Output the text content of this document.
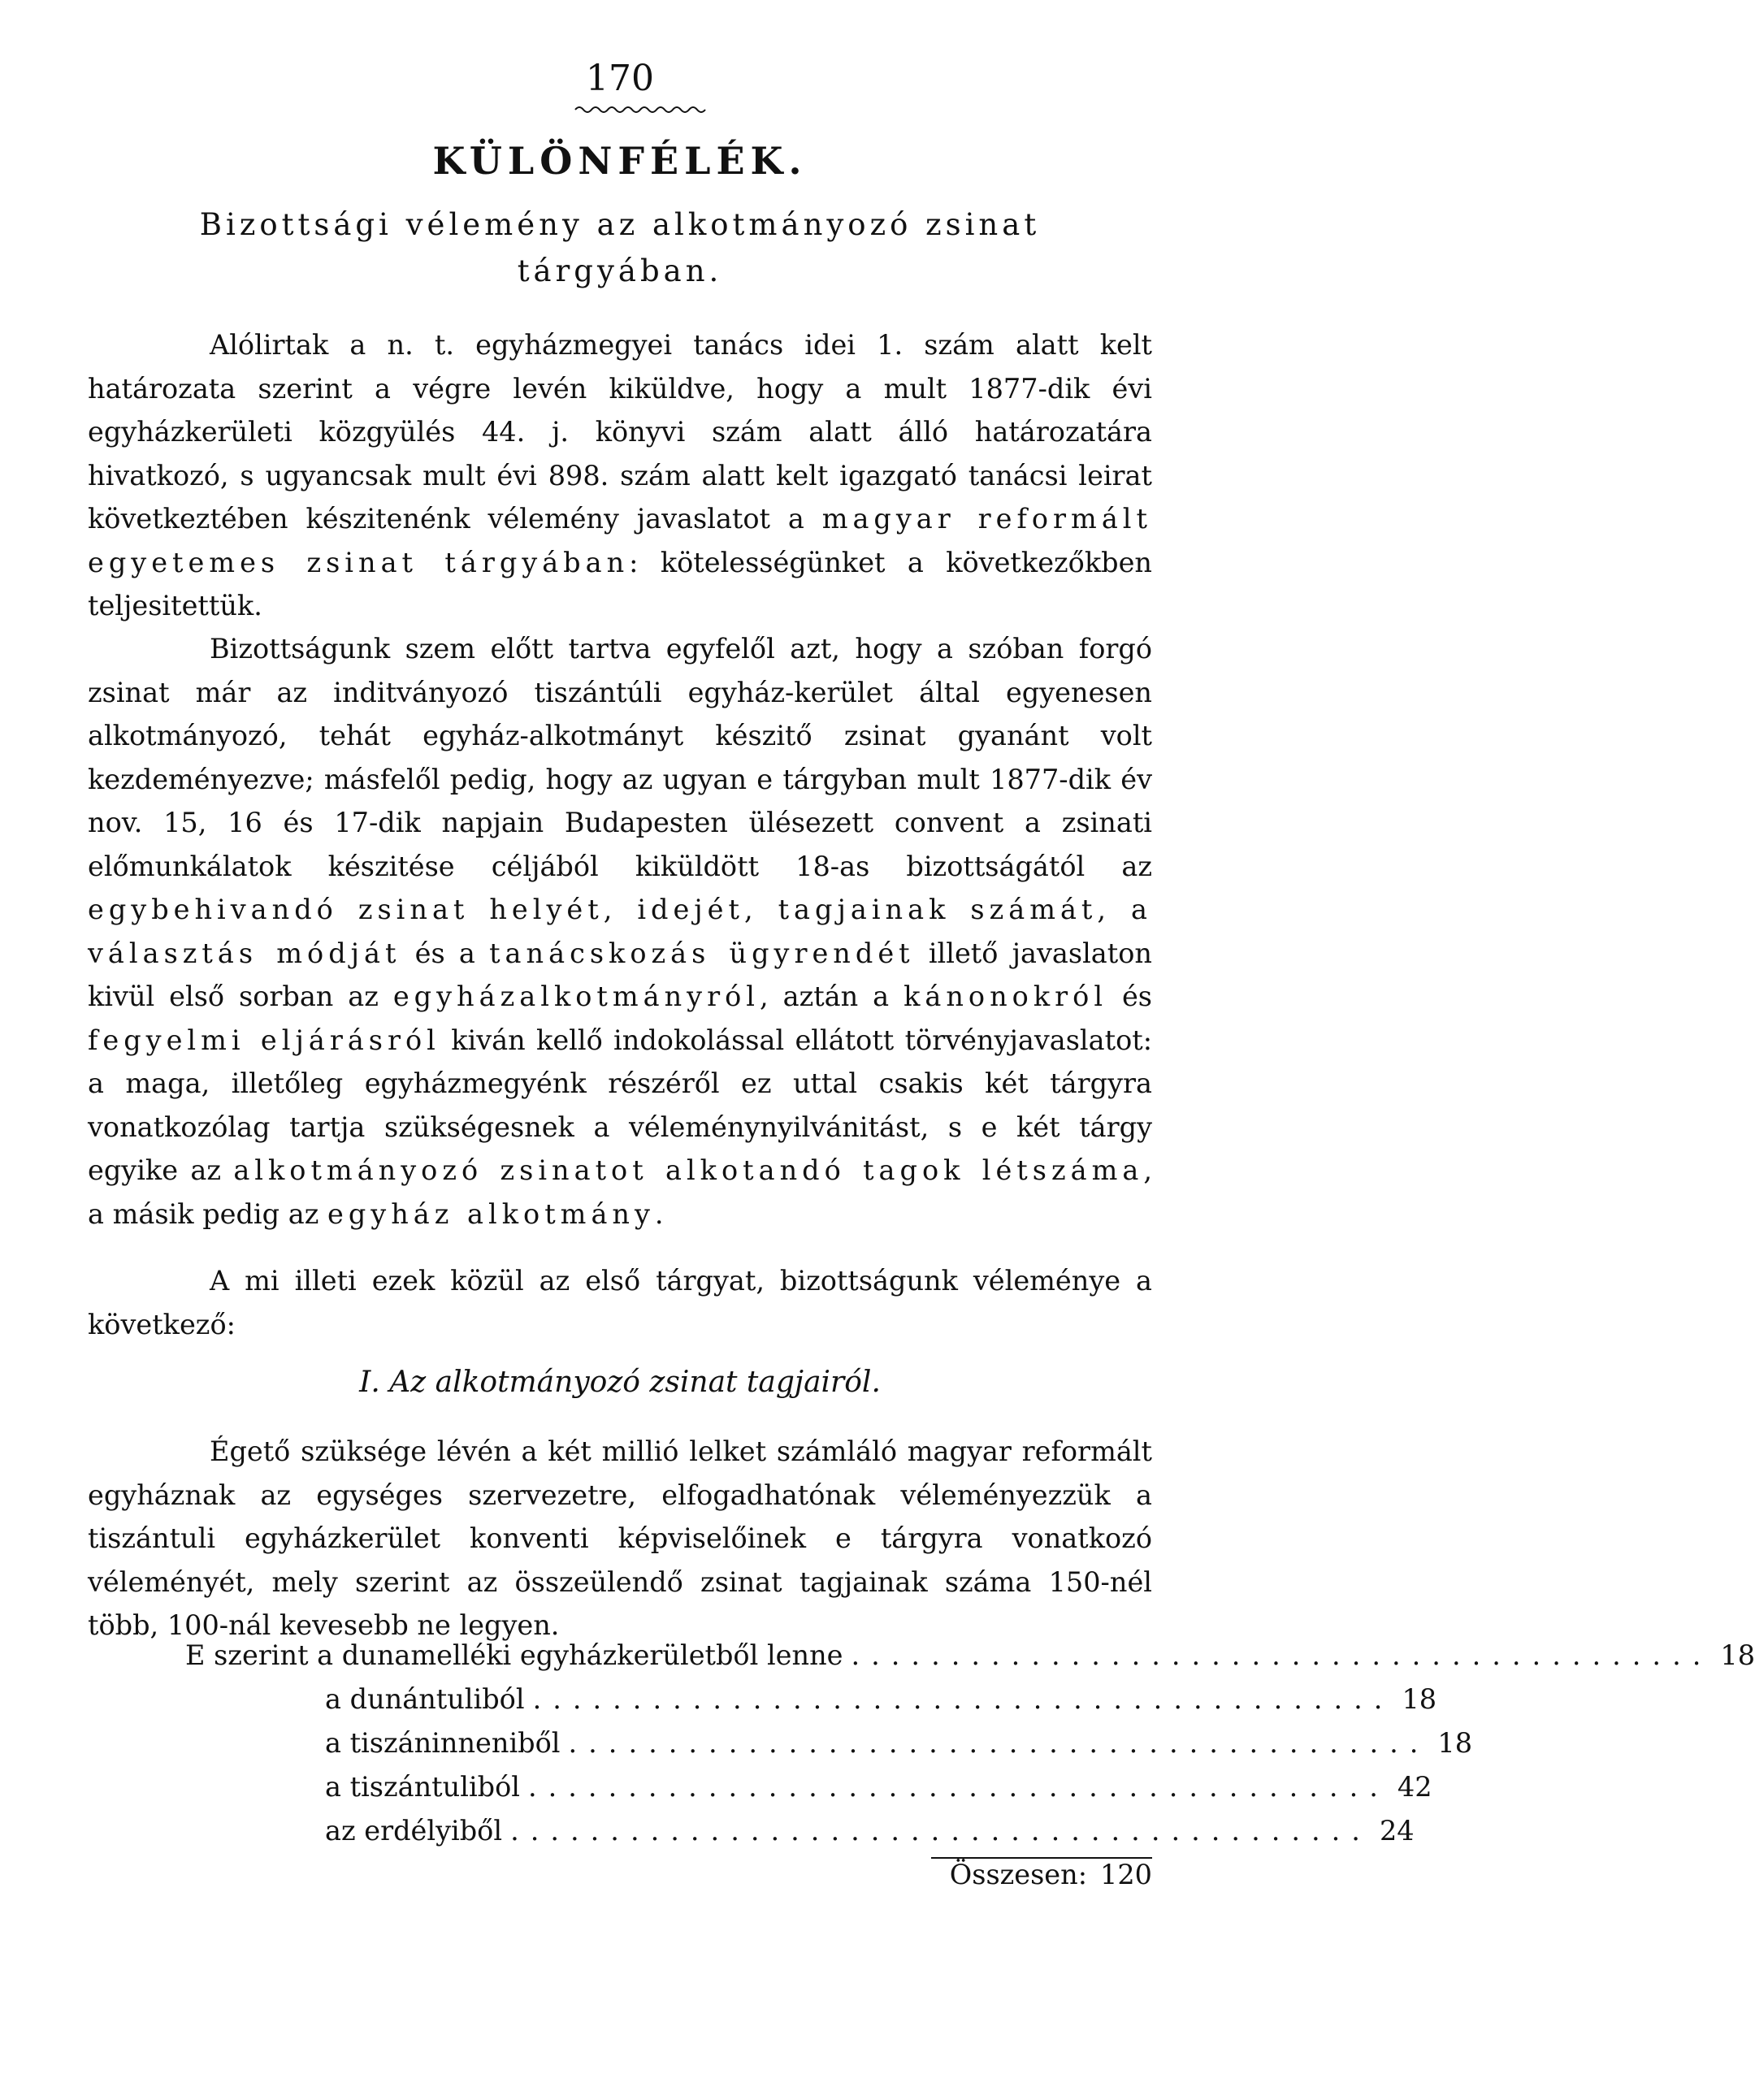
170
KÜLÖNFÉLÉK.
Bizottsági vélemény az alkotmányozó zsinat
tárgyában.

Alólirtak a n. t. egyházmegyei tanács idei 1. szám alatt kelt határozata szerint a végre levén kiküldve, hogy a mult 1877-dik évi egyházkerületi közgyülés 44. j. könyvi szám alatt álló határozatára hivatkozó, s ugyancsak mult évi 898. szám alatt kelt igazgató tanácsi leirat következtében készitenénk vélemény javaslatot a magyar reformált egyetemes zsinat tárgyában: kötelességünket a következőkben teljesitettük.

Bizottságunk szem előtt tartva egyfelől azt, hogy a szóban forgó zsinat már az inditványozó tiszántúli egyház-kerület által egyenesen alkotmányozó, tehát egyház-alkotmányt készitő zsinat gyanánt volt kezdeményezve; másfelől pedig, hogy az ugyan e tárgyban mult 1877-dik év nov. 15, 16 és 17-dik napjain Budapesten ülésezett convent a zsinati előmunkálatok készitése céljából kiküldött 18-as bizottságától az egybehivandó zsinat helyét, idejét, tagjainak számát, a választás módját és a tanácskozás ügyrendét illető javaslaton kivül első sorban az egyházalkotmányról, aztán a kánonokról és fegyelmi eljárásról kiván kellő indokolással ellátott törvényjavaslatot: a maga, illetőleg egyházmegyénk részéről ez uttal csakis két tárgyra vonatkozólag tartja szükségesnek a véleménynyilvánitást, s e két tárgy egyike az alkotmányozó zsinatot alkotandó tagok létszáma, a másik pedig az egyház alkotmány.

A mi illeti ezek közül az első tárgyat, bizottságunk véleménye a következő:

I. Az alkotmányozó zsinat tagjairól.

Égető szüksége lévén a két millió lelket számláló magyar reformált egyháznak az egységes szervezetre, elfogadhatónak véleményezzük a tiszántuli egyházkerület konventi képviselőinek e tárgyra vonatkozó véleményét, mely szerint az összeülendő zsinat tagjainak száma 150-nél több, 100-nál kevesebb ne legyen.

E szerint a dunamelléki egyházkerületből lenne ........................................... 18
a dunántuliból ........................................... 18
a tiszáninneniből ........................................... 18
a tiszántuliból ........................................... 42
az erdélyiből ........................................... 24
Összesen: 120
